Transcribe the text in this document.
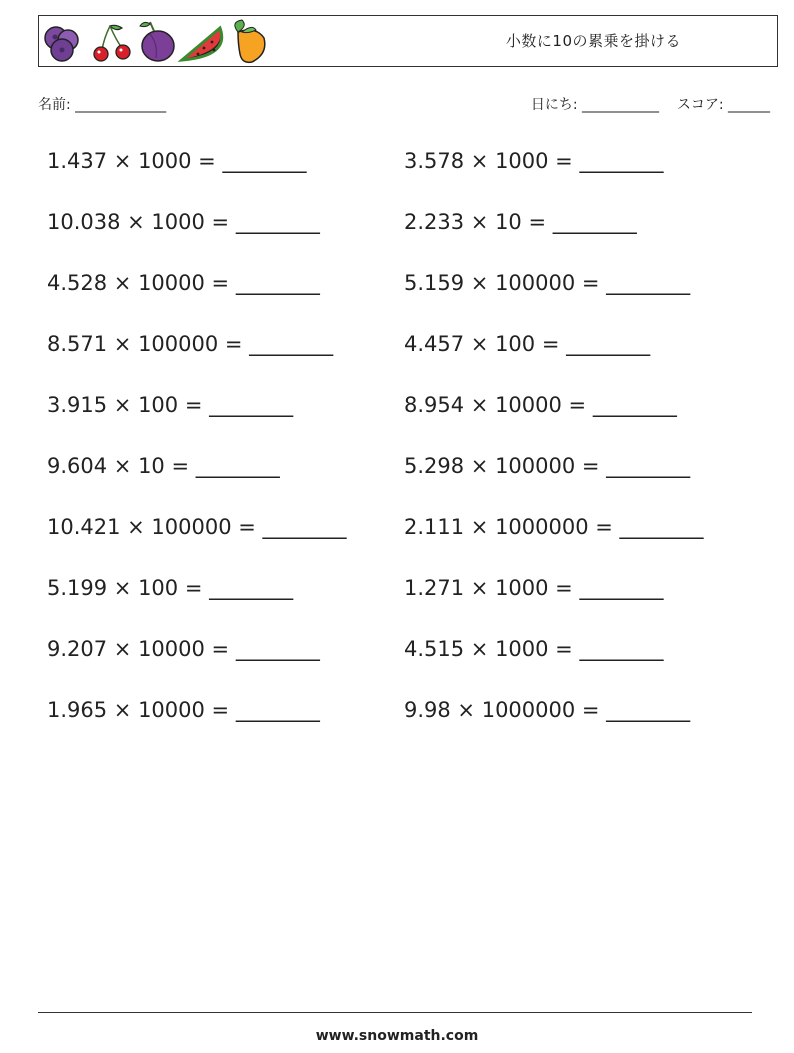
小数に10の累乗を掛ける
名前: _____________	日にち: ___________ スコア: ______
1.437 × 1000 = ________	3.578 × 1000 = ________
10.038 × 1000 = ________	2.233 × 10 = ________
4.528 × 10000 = ________	5.159 × 100000 = ________
8.571 × 100000 = ________	4.457 × 100 = ________
3.915 × 100 = ________	8.954 × 10000 = ________
9.604 × 10 = ________	5.298 × 100000 = ________
10.421 × 100000 = ________	2.111 × 1000000 = ________
5.199 × 100 = ________	1.271 × 1000 = ________
9.207 × 10000 = ________	4.515 × 1000 = ________
1.965 × 10000 = ________	9.98 × 1000000 = ________
www.snowmath.com
